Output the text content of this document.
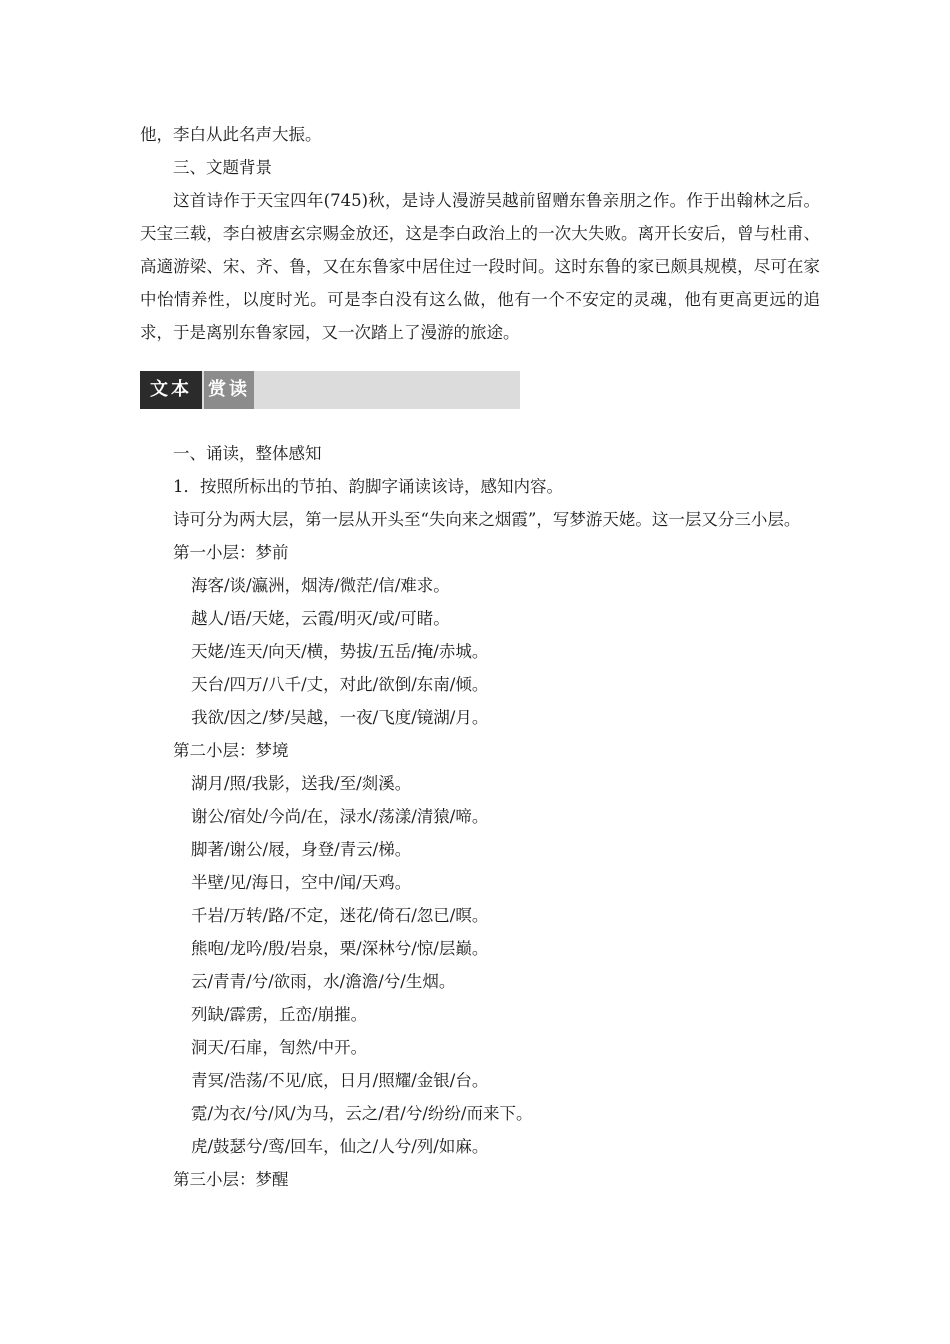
他，李白从此名声大振。

三、文题背景

这首诗作于天宝四年(745)秋，是诗人漫游吴越前留赠东鲁亲朋之作。作于出翰林之后。天宝三载，李白被唐玄宗赐金放还，这是李白政治上的一次大失败。离开长安后，曾与杜甫、高適游梁、宋、齐、鲁，又在东鲁家中居住过一段时间。这时东鲁的家已颇具规模，尽可在家中怡情养性，以度时光。可是李白没有这么做，他有一个不安定的灵魂，他有更高更远的追求，于是离别东鲁家园，又一次踏上了漫游的旅途。

文本 赏读

一、诵读，整体感知

1．按照所标出的节拍、韵脚字诵读该诗，感知内容。

诗可分为两大层，第一层从开头至“失向来之烟霞”，写梦游天姥。这一层又分三小层。

第一小层：梦前

海客/谈/瀛洲，烟涛/微茫/信/难求。

越人/语/天姥，云霞/明灭/或/可睹。

天姥/连天/向天/横，势拔/五岳/掩/赤城。

天台/四万/八千/丈，对此/欲倒/东南/倾。

我欲/因之/梦/吴越，一夜/飞度/镜湖/月。

第二小层：梦境

湖月/照/我影，送我/至/剡溪。

谢公/宿处/今尚/在，渌水/荡漾/清猿/啼。

脚著/谢公/屐，身登/青云/梯。

半壁/见/海日，空中/闻/天鸡。

千岩/万转/路/不定，迷花/倚石/忽已/暝。

熊咆/龙吟/殷/岩泉，栗/深林兮/惊/层巅。

云/青青/兮/欲雨，水/澹澹/兮/生烟。

列缺/霹雳，丘峦/崩摧。

洞天/石扉，訇然/中开。

青冥/浩荡/不见/底，日月/照耀/金银/台。

霓/为衣/兮/风/为马，云之/君/兮/纷纷/而来下。

虎/鼓瑟兮/鸾/回车，仙之/人兮/列/如麻。

第三小层：梦醒
